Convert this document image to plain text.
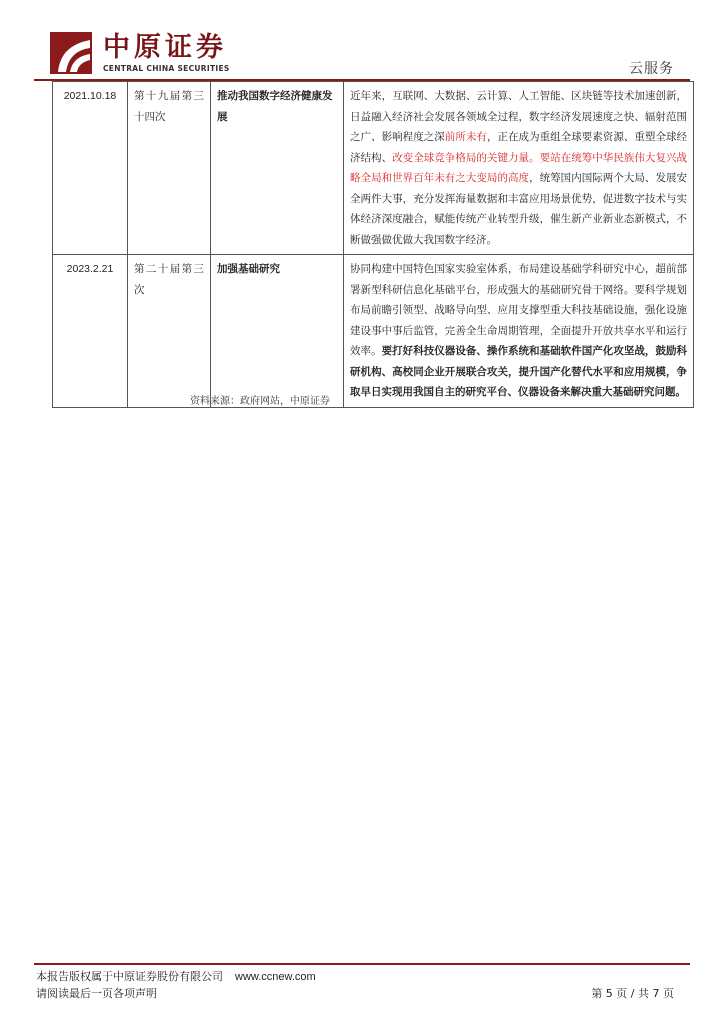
中原证券
CENTRAL CHINA SECURITIES	云服务
2021.10.18	第十九届第三十四次	推动我国数字经济健康发展	近年来，互联网、大数据、云计算、人工智能、区块链等技术加速创新，日益融入经济社会发展各领域全过程，数字经济发展速度之快、辐射范围之广、影响程度之深前所未有，正在成为重组全球要素资源、重塑全球经济结构、改变全球竞争格局的关键力量。要站在统筹中华民族伟大复兴战略全局和世界百年未有之大变局的高度，统筹国内国际两个大局、发展安全两件大事，充分发挥海量数据和丰富应用场景优势，促进数字技术与实体经济深度融合，赋能传统产业转型升级，催生新产业新业态新模式，不断做强做优做大我国数字经济。
2023.2.21	第二十届第三次	加强基础研究	协同构建中国特色国家实验室体系，布局建设基础学科研究中心，超前部署新型科研信息化基础平台，形成强大的基础研究骨干网络。要科学规划布局前瞻引领型、战略导向型、应用支撑型重大科技基础设施，强化设施建设事中事后监管，完善全生命周期管理，全面提升开放共享水平和运行效率。要打好科技仪器设备、操作系统和基础软件国产化攻坚战，鼓励科研机构、高校同企业开展联合攻关，提升国产化替代水平和应用规模，争取早日实现用我国自主的研究平台、仪器设备来解决重大基础研究问题。
资料来源：政府网站，中原证券
本报告版权属于中原证券股份有限公司 www.ccnew.com
请阅读最后一页各项声明	第 5 页 / 共 7 页
